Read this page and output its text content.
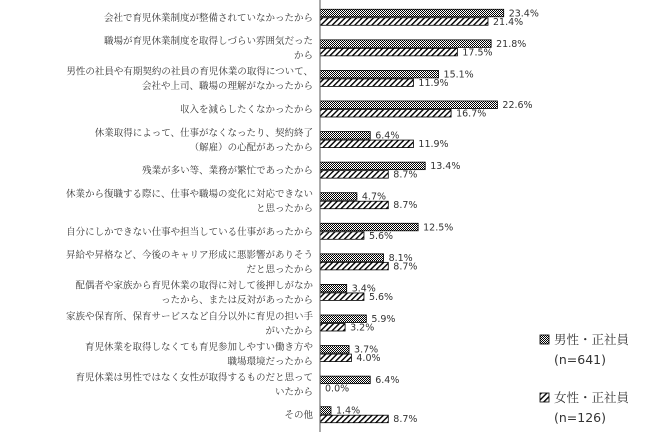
会社で育児休業制度が整備されていなかったから
職場が育児休業制度を取得しづらい雰囲気だったから
男性の社員や有期契約の社員の育児休業の取得について、会社や上司、職場の理解がなかったから
収入を減らしたくなかったから
休業取得によって、仕事がなくなったり、契約終了（解雇）の心配があったから
残業が多い等、業務が繁忙であったから
休業から復職する際に、仕事や職場の変化に対応できないと思ったから
自分にしかできない仕事や担当している仕事があったから
昇給や昇格など、今後のキャリア形成に悪影響がありそうだと思ったから
配偶者や家族から育児休業の取得に対して後押しがなかったから、または反対があったから
家族や保育所、保育サービスなど自分以外に育児の担い手がいたから
育児休業を取得しなくても育児参加しやすい働き方や職場環境だったから
育児休業は男性ではなく女性が取得するものだと思っていたから
その他
23.4%
21.4%
21.8%
17.5%
15.1%
11.9%
22.6%
16.7%
6.4%
11.9%
13.4%
8.7%
4.7%
8.7%
12.5%
5.6%
8.1%
8.7%
3.4%
5.6%
5.9%
3.2%
3.7%
4.0%
6.4%
0.0%
1.4%
8.7%
男性・正社員
(n=641)
女性・正社員
(n=126)
